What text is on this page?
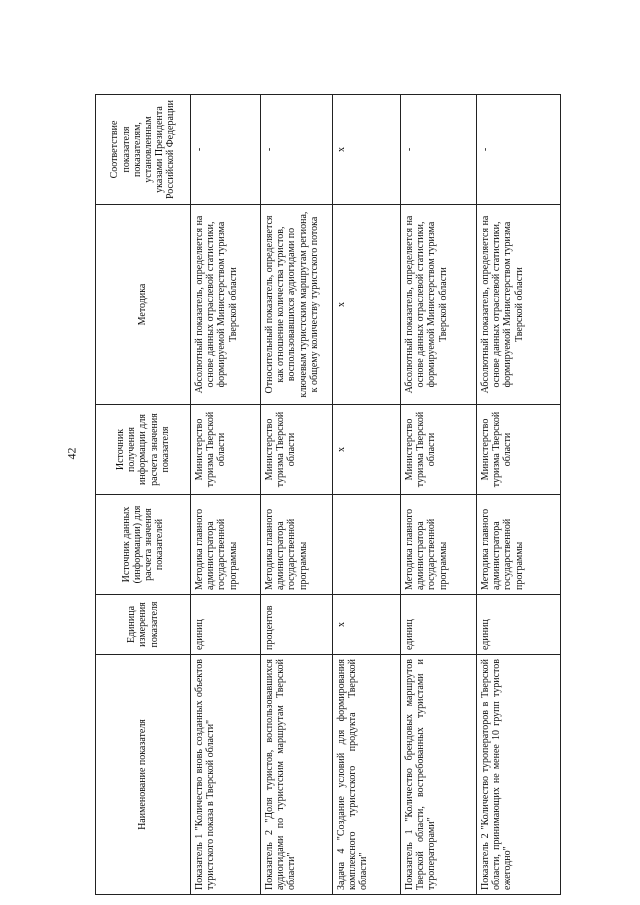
42
Наименование показателя	Единица измерения показателя	Источник данных (информации) для расчета значения показателей	Источник получения информации для расчета значения показателя	Методика	Соответствие показателя показателям, установленным указами Президента Российской Федерации
Показатель 1 "Количество вновь созданных объектов туристского показа в Тверской области"	единиц	Методика главного администратора государственной программы	Министерство туризма Тверской области	Абсолютный показатель, определяется на основе данных отраслевой статистики, формируемой Министерством туризма Тверской области	-
Показатель 2 "Доля туристов, воспользовавшихся аудиогидами по туристским маршрутам Тверской области"	процентов	Методика главного администратора государственной программы	Министерство туризма Тверской области	Относительный показатель, определяется как отношение количества туристов, воспользовавшихся аудиогидами по ключевым туристским маршрутам региона, к общему количеству туристского потока	-
Задача 4 "Создание условий для формирования комплексного туристского продукта Тверской области"	х		х	х	х
Показатель 1 "Количество брендовых маршрутов Тверской области, востребованных туристами и туроператорами"	единиц	Методика главного администратора государственной программы	Министерство туризма Тверской области	Абсолютный показатель, определяется на основе данных отраслевой статистики, формируемой Министерством туризма Тверской области	-
Показатель 2 "Количество туроператоров в Тверской области, принимающих не менее 10 групп туристов ежегодно"	единиц	Методика главного администратора государственной программы	Министерство туризма Тверской области	Абсолютный показатель, определяется на основе данных отраслевой статистики, формируемой Министерством туризма Тверской области	-
